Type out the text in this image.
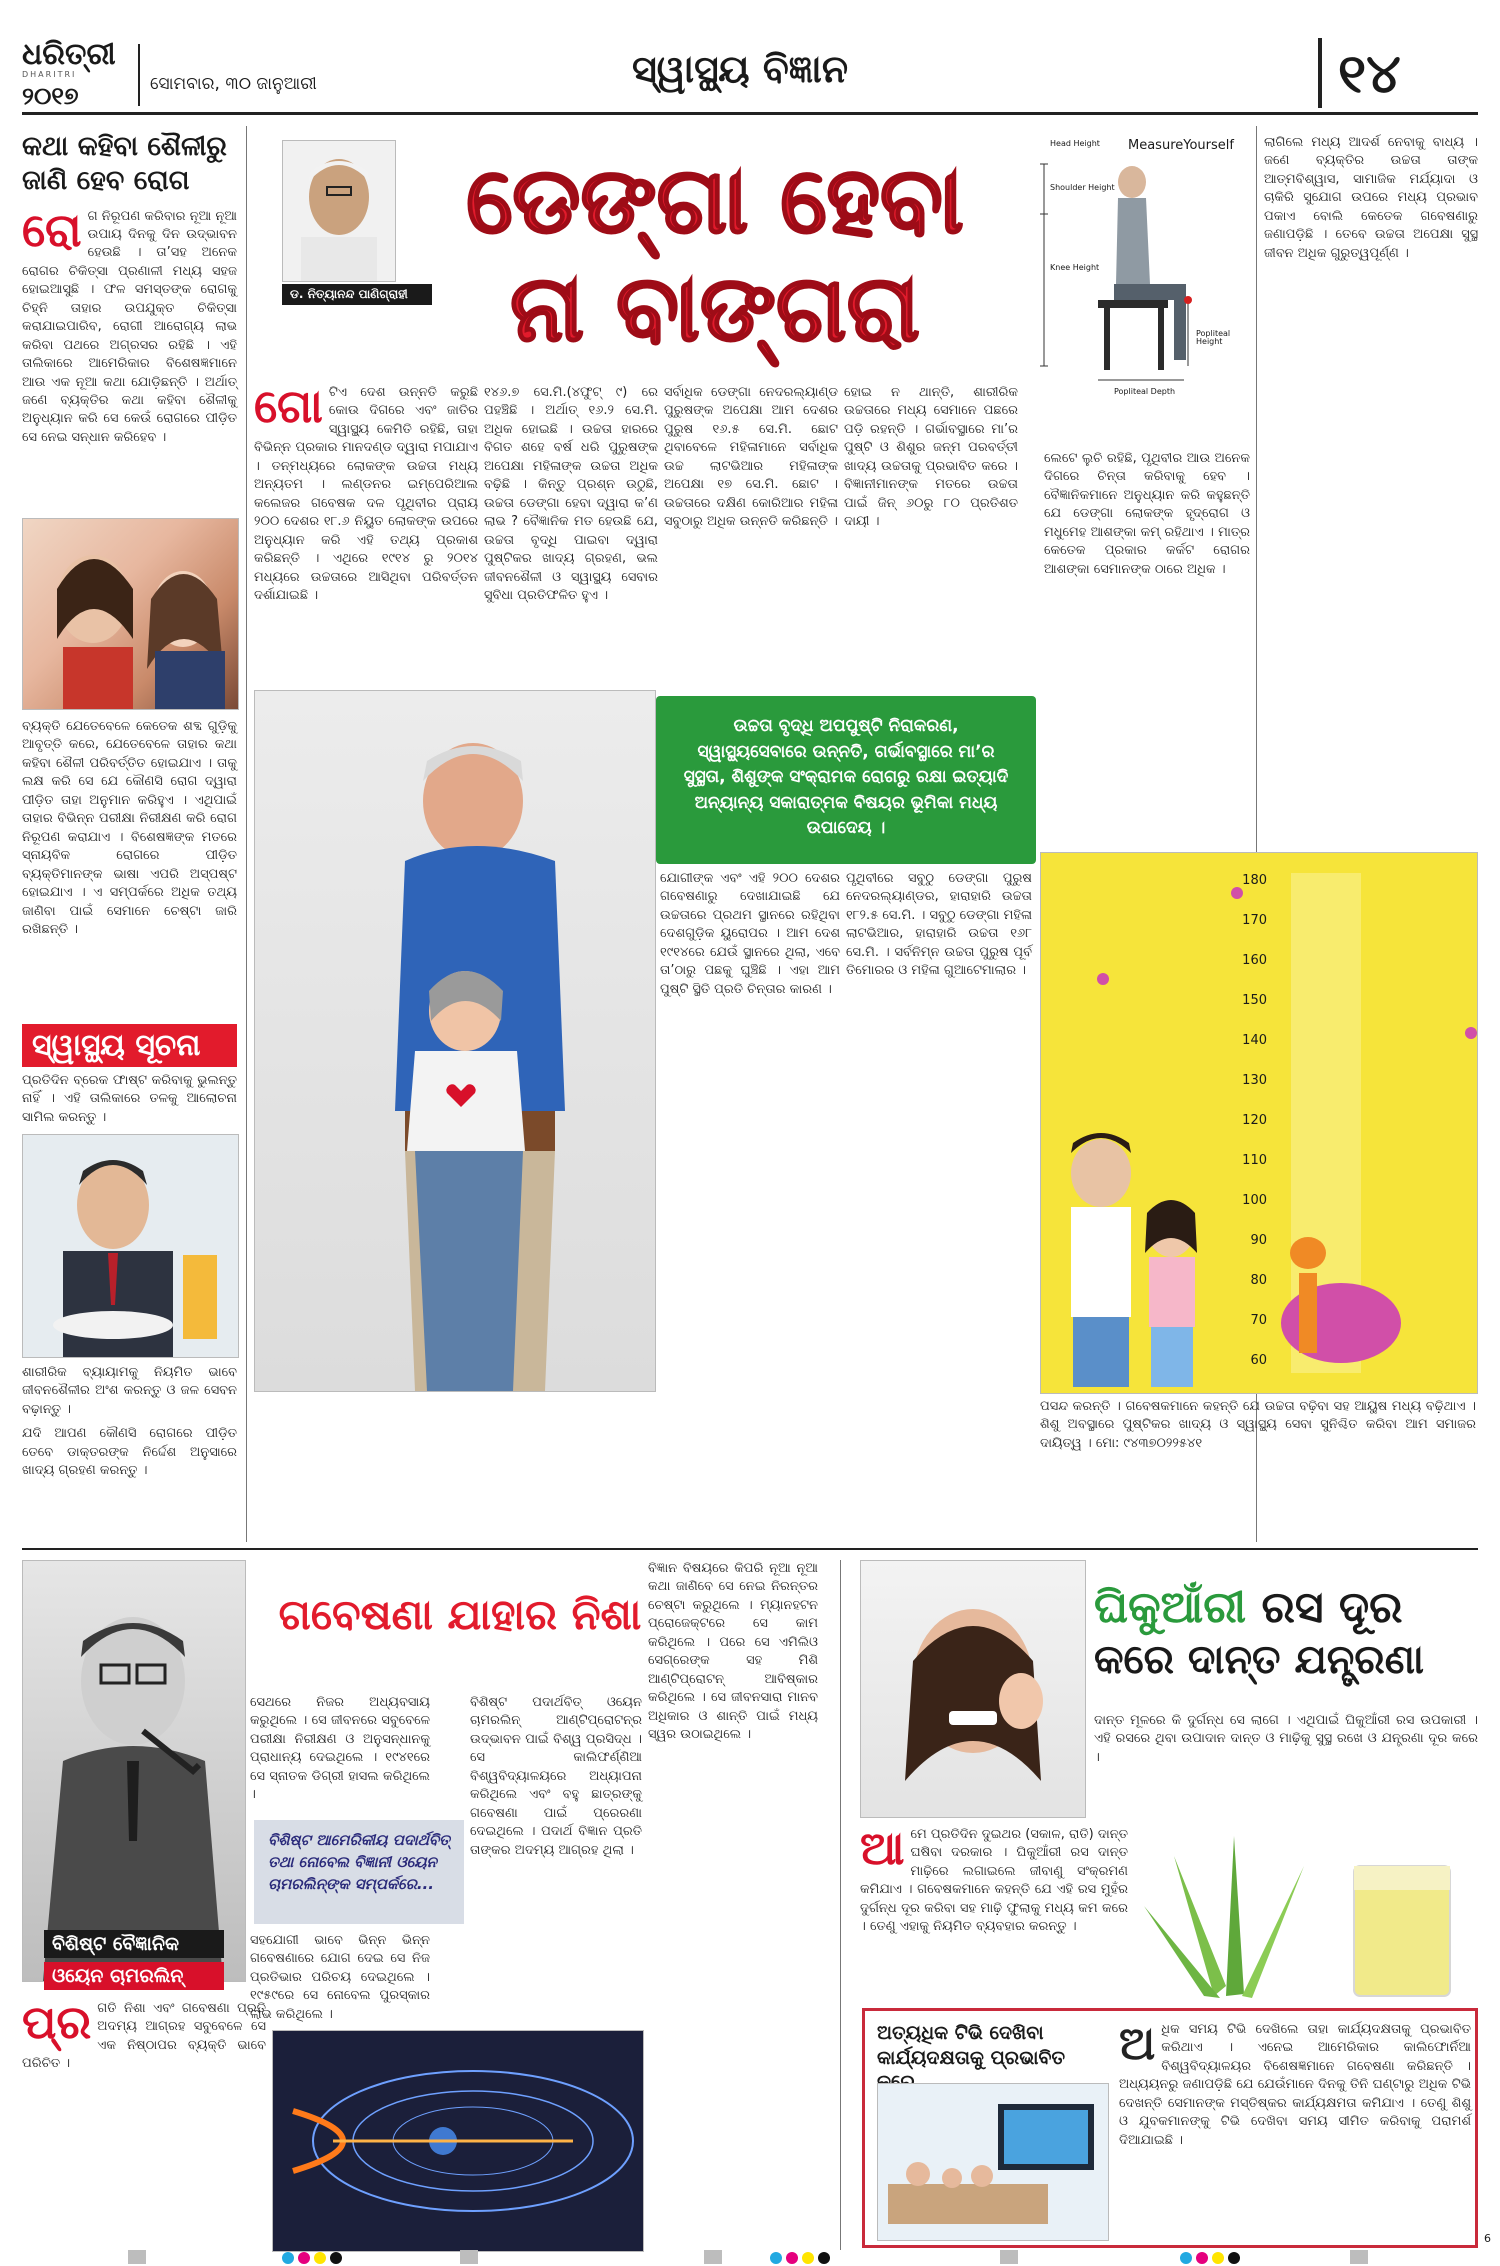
ଧରିତ୍ରୀ
DHARITRI
୨୦୧୭	ସୋମବାର, ୩୦ ଜାନୁଆରୀ	ସ୍ୱାସ୍ଥ୍ୟ ବିଜ୍ଞାନ	୧୪
କଥା କହିବା ଶୈଳୀରୁ ଜାଣି ହେବ ରୋଗ
ରୋ ଗ ନିରୂପଣ କରିବାର ନୂଆ ନୂଆ ଉପାୟ ଦିନକୁ ଦିନ ଉଦ୍ଭାବନ ହେଉଛି । ତା’ସହ ଅନେକ ରୋଗର ଚିକିତ୍ସା ପ୍ରଣାଳୀ ମଧ୍ୟ ସହଜ ହୋଇଆସୁଛି । ଫଳ ସମସ୍ତଙ୍କ ରୋଗକୁ ଚିହ୍ନି ତାହାର ଉପଯୁକ୍ତ ଚିକିତ୍ସା କରାଯାଇପାରିବ, ରୋଗୀ ଆରୋଗ୍ୟ ଲାଭ କରିବା ପଥରେ ଅଗ୍ରସର ରହିଛି । ଏହି ତାଲିକାରେ ଆମେରିକାର ବିଶେଷଜ୍ଞମାନେ ଆଉ ଏକ ନୂଆ କଥା ଯୋଡ଼ିଛନ୍ତି । ଅର୍ଥାତ୍ ଜଣେ ବ୍ୟକ୍ତିର କଥା କହିବା ଶୈଳୀକୁ ଅନୁଧ୍ୟାନ କରି ସେ କେଉଁ ରୋଗରେ ପୀଡ଼ିତ ସେ ନେଇ ସନ୍ଧାନ କରିହେବ ।
ବ୍ୟକ୍ତି ଯେତେବେଳେ କେତେକ ଶବ୍ଦ ଗୁଡ଼ିକୁ ଆବୃତ୍ତି କରେ, ଯେତେବେଳେ ତାହାର କଥା କହିବା ଶୈଳୀ ପରିବର୍ତ୍ତିତ ହୋଇଯାଏ । ତାକୁ ଲକ୍ଷ କରି ସେ ଯେ କୌଣସି ରୋଗ ଦ୍ୱାରା ପୀଡ଼ିତ ତାହା ଅନୁମାନ କରିହୁଏ । ଏଥିପାଇଁ ତାହାର ବିଭିନ୍ନ ପରୀକ୍ଷା ନିରୀକ୍ଷଣ କରି ରୋଗ ନିରୂପଣ କରାଯାଏ । ବିଶେଷଜ୍ଞଙ୍କ ମତରେ ସ୍ନାୟବିକ ରୋଗରେ ପୀଡ଼ିତ ବ୍ୟକ୍ତିମାନଙ୍କ ଭାଷା ଏପରି ଅସ୍ପଷ୍ଟ ହୋଇଯାଏ । ଏ ସମ୍ପର୍କରେ ଅଧିକ ତଥ୍ୟ ଜାଣିବା ପାଇଁ ସେମାନେ ଚେଷ୍ଟା ଜାରି ରଖିଛନ୍ତି ।
ସ୍ୱାସ୍ଥ୍ୟ ସୂଚନା
ପ୍ରତିଦିନ ବ୍ରେକ ଫାଷ୍ଟ କରିବାକୁ ଭୁଲନ୍ତୁ ନାହିଁ । ଏହି ତାଲିକାରେ ତଳକୁ ଆଲୋଚନା ସାମିଲ କରନ୍ତୁ ।
ଶାରୀରିକ ବ୍ୟାୟାମକୁ ନିୟମିତ ଭାବେ ଜୀବନଶୈଳୀର ଅଂଶ କରନ୍ତୁ ଓ ଜଳ ସେବନ ବଢ଼ାନ୍ତୁ ।
ଯଦି ଆପଣ କୌଣସି ରୋଗରେ ପୀଡ଼ିତ ତେବେ ଡାକ୍ତରଙ୍କ ନିର୍ଦ୍ଦେଶ ଅନୁସାରେ ଖାଦ୍ୟ ଗ୍ରହଣ କରନ୍ତୁ ।
ଡ. ନିତ୍ୟାନନ୍ଦ ପାଣିଗ୍ରାହୀ
ଡେଙ୍ଗା ହେବା
ନା ବାଙ୍ଗରା
MeasureYourself
Head Height
Shoulder Height
Knee Height
Popliteal Height
Popliteal Depth
ଲାଗିଲେ ମଧ୍ୟ ଆଦର୍ଶ ନେବାକୁ ବାଧ୍ୟ । ଜଣେ ବ୍ୟକ୍ତିର ଉଚ୍ଚତା ତାଙ୍କ ଆତ୍ମବିଶ୍ୱାସ, ସାମାଜିକ ମର୍ଯ୍ୟାଦା ଓ ଚାକିରି ସୁଯୋଗ ଉପରେ ମଧ୍ୟ ପ୍ରଭାବ ପକାଏ ବୋଲି କେତେକ ଗବେଷଣାରୁ ଜଣାପଡ଼ିଛି । ତେବେ ଉଚ୍ଚତା ଅପେକ୍ଷା ସୁସ୍ଥ ଜୀବନ ଅଧିକ ଗୁରୁତ୍ୱପୂର୍ଣ୍ଣ ।
ଗୋ ଟିଏ ଦେଶ ଉନ୍ନତି କରୁଛି କୋଉ ଦିଗରେ ଏବଂ ଜାତିର ସ୍ୱାସ୍ଥ୍ୟ କେମିତି ରହିଛି, ତାହା ବିଭିନ୍ନ ପ୍ରକାର ମାନଦଣ୍ଡ ଦ୍ୱାରା ମପାଯାଏ । ତନ୍ମଧ୍ୟରେ ଲୋକଙ୍କ ଉଚ୍ଚତା ମଧ୍ୟ ଅନ୍ୟତମ । ଲଣ୍ଡନର ଇମ୍ପେରିଆଲ କଲେଜର ଗବେଷକ ଦଳ ପୃଥିବୀର ପ୍ରାୟ ୨୦୦ ଦେଶର ୧୮.୬ ନିୟୁତ ଲୋକଙ୍କ ଉପରେ ଅନୁଧ୍ୟାନ କରି ଏହି ତଥ୍ୟ ପ୍ରକାଶ କରିଛନ୍ତି । ଏଥିରେ ୧୯୧୪ ରୁ ୨୦୧୪ ମଧ୍ୟରେ ଉଚ୍ଚତାରେ ଆସିଥିବା ପରିବର୍ତ୍ତନ ଦର୍ଶାଯାଇଛି ।
୧୪୬.୭ ସେ.ମି.(୪ଫୁଟ୍‌ ୯) ରେ ପହଞ୍ଚିଛି । ଅର୍ଥାତ୍ ୧୬.୨ ସେ.ମି. ଅଧିକ ହୋଇଛି । ଉଚ୍ଚତା ହାରରେ ବିଗତ ଶହେ ବର୍ଷ ଧରି ପୁରୁଷଙ୍କ ଅପେକ୍ଷା ମହିଳାଙ୍କ ଉଚ୍ଚତା ଅଧିକ ବଢ଼ିଛି । କିନ୍ତୁ ପ୍ରଶ୍ନ ଉଠୁଛି, ଉଚ୍ଚତା ଡେଙ୍ଗା ହେବା ଦ୍ୱାରା କ’ଣ ଲାଭ ? ବୈଜ୍ଞାନିକ ମତ ହେଉଛି ଯେ, ଉଚ୍ଚତା ବୃଦ୍ଧି ପାଇବା ଦ୍ୱାରା ପୁଷ୍ଟିକର ଖାଦ୍ୟ ଗ୍ରହଣ, ଭଲ ଜୀବନଶୈଳୀ ଓ ସ୍ୱାସ୍ଥ୍ୟ ସେବାର ସୁବିଧା ପ୍ରତିଫଳିତ ହୁଏ ।
ସର୍ବାଧିକ ଡେଙ୍ଗା ନେଦରଲ୍ୟାଣ୍ଡ ପୁରୁଷଙ୍କ ଅପେକ୍ଷା ଆମ ଦେଶର ପୁରୁଷ ୧୬.୫ ସେ.ମି. ଛୋଟ ଥିବାବେଳେ ମହିଳାମାନେ ସର୍ବାଧିକ ଉଚ୍ଚ ଲାଟଭିଆର ମହିଳାଙ୍କ ଅପେକ୍ଷା ୧୭ ସେ.ମି. ଛୋଟ । ଉଚ୍ଚତାରେ ଦକ୍ଷିଣ କୋରିଆର ମହିଳା ସବୁଠାରୁ ଅଧିକ ଉନ୍ନତି କରିଛନ୍ତି ।
ହୋଇ ନ ଥାନ୍ତି, ଶାରୀରିକ ଉଚ୍ଚତାରେ ମଧ୍ୟ ସେମାନେ ପଛରେ ପଡ଼ି ରହନ୍ତି । ଗର୍ଭାବସ୍ଥାରେ ମା’ର ପୁଷ୍ଟି ଓ ଶିଶୁର ଜନ୍ମ ପରବର୍ତ୍ତୀ ଖାଦ୍ୟ ଉଚ୍ଚତାକୁ ପ୍ରଭାବିତ କରେ । ବିଜ୍ଞାନୀମାନଙ୍କ ମତରେ ଉଚ୍ଚତା ପାଇଁ ଜିନ୍ ୬୦ରୁ ୮୦ ପ୍ରତିଶତ ଦାୟୀ ।
ଲେଟେ ଲୁଚି ରହିଛି, ପୃଥିବୀର ଆଉ ଅନେକ ଦିଗରେ ଚିନ୍ତା କରିବାକୁ ହେବ । ବୈଜ୍ଞାନିକମାନେ ଅନୁଧ୍ୟାନ କରି କହୁଛନ୍ତି ଯେ ଡେଙ୍ଗା ଲୋକଙ୍କ ହୃଦ୍‌ରୋଗ ଓ ମଧୁମେହ ଆଶଙ୍କା କମ୍ ରହିଥାଏ । ମାତ୍ର କେତେକ ପ୍ରକାର କର୍କଟ ରୋଗର ଆଶଙ୍କା ସେମାନଙ୍କ ଠାରେ ଅଧିକ ।
ଉଚ୍ଚତା ବୃଦ୍ଧି ଅପପୁଷ୍ଟି ନିରାକରଣ, ସ୍ୱାସ୍ଥ୍ୟସେବାରେ ଉନ୍ନତି, ଗର୍ଭାବସ୍ଥାରେ ମା’ର ସୁସ୍ଥତା, ଶିଶୁଙ୍କ ସଂକ୍ରାମକ ରୋଗରୁ ରକ୍ଷା ଇତ୍ୟାଦି ଅନ୍ୟାନ୍ୟ ସକାରାତ୍ମକ ବିଷୟର ଭୂମିକା ମଧ୍ୟ ଉପାଦେୟ ।
ଯୋଗୀଙ୍କ ଏବଂ ଏହି ୨୦୦ ଦେଶର ଗବେଷଣାରୁ ଦେଖାଯାଇଛି ଯେ ଉଚ୍ଚତାରେ ପ୍ରଥମ ସ୍ଥାନରେ ରହିଥିବା ଦେଶଗୁଡ଼ିକ ୟୁରୋପର । ଆମ ଦେଶ ୧୯୧୪ରେ ଯେଉଁ ସ୍ଥାନରେ ଥିଲା, ଏବେ ତା’ଠାରୁ ପଛକୁ ଘୁଞ୍ଚିଛି । ଏହା ଆମ ପୁଷ୍ଟି ସ୍ଥିତି ପ୍ରତି ଚିନ୍ତାର କାରଣ ।
ପୃଥିବୀରେ ସବୁଠୁ ଡେଙ୍ଗା ପୁରୁଷ ନେଦରଲ୍ୟାଣ୍ଡର, ହାରାହାରି ଉଚ୍ଚତା ୧୮୨.୫ ସେ.ମି. । ସବୁଠୁ ଡେଙ୍ଗା ମହିଳା ଲାଟଭିଆର, ହାରାହାରି ଉଚ୍ଚତା ୧୬୮ ସେ.ମି. । ସର୍ବନିମ୍ନ ଉଚ୍ଚତା ପୁରୁଷ ପୂର୍ବ ତିମୋରର ଓ ମହିଳା ଗୁଆଟେମାଲାର ।
180
170
160
150
140
130
120
110
100
90
80
70
60
ପସନ୍ଦ କରନ୍ତି । ଗବେଷକମାନେ କହନ୍ତି ଯେ ଉଚ୍ଚତା ବଢ଼ିବା ସହ ଆୟୁଷ ମଧ୍ୟ ବଢ଼ିଥାଏ । ଶିଶୁ ଅବସ୍ଥାରେ ପୁଷ୍ଟିକର ଖାଦ୍ୟ ଓ ସ୍ୱାସ୍ଥ୍ୟ ସେବା ସୁନିଶ୍ଚିତ କରିବା ଆମ ସମାଜର ଦାୟିତ୍ୱ । ମୋ: ୯୪୩୭୦୨୨୫୪୧
ବିଶିଷ୍ଟ ବୈଜ୍ଞାନିକ
ଓୟେନ ଚାମରଲିନ୍
ଗବେଷଣା ଯାହାର ନିଶା
ସେଥରେ ନିଜର ଅଧ୍ୟବସାୟ କରୁଥିଲେ । ସେ ଜୀବନରେ ସବୁବେଳେ ପରୀକ୍ଷା ନିରୀକ୍ଷଣ ଓ ଅନୁସନ୍ଧାନକୁ ପ୍ରାଧାନ୍ୟ ଦେଇଥିଲେ । ୧୯୪୧ରେ ସେ ସ୍ନାତକ ଡିଗ୍ରୀ ହାସଲ କରିଥିଲେ ।
ବିଶିଷ୍ଟ ଆମେରିକୀୟ ପଦାର୍ଥବିତ୍ ତଥା ନୋବେଲ ବିଜ୍ଞାନୀ ଓୟେନ ଚାମରଲିନ୍ଙ୍କ ସମ୍ପର୍କରେ...
ସହଯୋଗୀ ଭାବେ ଭିନ୍ନ ଭିନ୍ନ ଗବେଷଣାରେ ଯୋଗ ଦେଇ ସେ ନିଜ ପ୍ରତିଭାର ପରିଚୟ ଦେଇଥିଲେ । ୧୯୫୯ରେ ସେ ନୋବେଲ ପୁରସ୍କାର ଲାଭ କରିଥିଲେ ।
ବିଶିଷ୍ଟ ପଦାର୍ଥବିତ୍ ଓୟେନ ଚାମରଲିନ୍ ଆଣ୍ଟିପ୍ରୋଟନ୍‌ର ଉଦ୍ଭାବନ ପାଇଁ ବିଶ୍ୱ ପ୍ରସିଦ୍ଧ । ସେ କାଲିଫର୍ଣ୍ଣିଆ ବିଶ୍ୱବିଦ୍ୟାଳୟରେ ଅଧ୍ୟାପନା କରିଥିଲେ ଏବଂ ବହୁ ଛାତ୍ରଙ୍କୁ ଗବେଷଣା ପାଇଁ ପ୍ରେରଣା ଦେଇଥିଲେ । ପଦାର୍ଥ ବିଜ୍ଞାନ ପ୍ରତି ତାଙ୍କର ଅଦମ୍ୟ ଆଗ୍ରହ ଥିଲା ।
ବିଜ୍ଞାନ ବିଷୟରେ କିପରି ନୂଆ ନୂଆ କଥା ଜାଣିବେ ସେ ନେଇ ନିରନ୍ତର ଚେଷ୍ଟା କରୁଥିଲେ । ମ୍ୟାନହଟନ ପ୍ରୋଜେକ୍ଟରେ ସେ କାମ କରିଥିଲେ । ପରେ ସେ ଏମିଲିଓ ସେଗ୍ରେଙ୍କ ସହ ମିଶି ଆଣ୍ଟିପ୍ରୋଟନ୍ ଆବିଷ୍କାର କରିଥିଲେ । ସେ ଜୀବନସାରା ମାନବ ଅଧିକାର ଓ ଶାନ୍ତି ପାଇଁ ମଧ୍ୟ ସ୍ୱର ଉଠାଇଥିଲେ ।
ପ୍ର ଗତି ନିଶା ଏବଂ ଗବେଷଣା ପ୍ରତି ଅଦମ୍ୟ ଆଗ୍ରହ ସବୁବେଳେ ସେ ଏକ ନିଷ୍ଠାପର ବ୍ୟକ୍ତି ଭାବେ ପରିଚିତ ।
ଘିକୁଆଁରୀ ରସ ଦୂର
କରେ ଦାନ୍ତ ଯନ୍ତ୍ରଣା
ଦାନ୍ତ ମୂଳରେ କି ଦୁର୍ଗନ୍ଧ ସେ ଲାଗେ । ଏଥିପାଇଁ ଘିକୁଆଁରୀ ରସ ଉପକାରୀ । ଏହି ରସରେ ଥିବା ଉପାଦାନ ଦାନ୍ତ ଓ ମାଢ଼ିକୁ ସୁସ୍ଥ ରଖେ ଓ ଯନ୍ତ୍ରଣା ଦୂର କରେ ।
ଆ ମେ ପ୍ରତିଦିନ ଦୁଇଥର (ସକାଳ, ରାତି) ଦାନ୍ତ ଘଷିବା ଦରକାର । ଘିକୁଆଁରୀ ରସ ଦାନ୍ତ ମାଢ଼ିରେ ଲଗାଇଲେ ଜୀବାଣୁ ସଂକ୍ରମଣ କମିଯାଏ । ଗବେଷକମାନେ କହନ୍ତି ଯେ ଏହି ରସ ମୁହଁର ଦୁର୍ଗନ୍ଧ ଦୂର କରିବା ସହ ମାଢ଼ି ଫୁଲାକୁ ମଧ୍ୟ କମ କରେ । ତେଣୁ ଏହାକୁ ନିୟମିତ ବ୍ୟବହାର କରନ୍ତୁ ।
ଅତ୍ୟଧିକ ଟିଭି ଦେଖିବା
କାର୍ଯ୍ୟଦକ୍ଷତାକୁ ପ୍ରଭାବିତ	ଅ ଧିକ ସମୟ ଟିଭି ଦେଖିଲେ ତାହା କାର୍ଯ୍ୟଦକ୍ଷତାକୁ ପ୍ରଭାବିତ କରିଥାଏ । ଏନେଇ ଆମେରିକାର କାଲିଫୋର୍ନିଆ ବିଶ୍ୱବିଦ୍ୟାଳୟର ବିଶେଷଜ୍ଞମାନେ ଗବେଷଣା କରିଛନ୍ତି । ଅଧ୍ୟୟନରୁ ଜଣାପଡ଼ିଛି ଯେ ଯେଉଁମାନେ ଦିନକୁ ତିନି ଘଣ୍ଟାରୁ ଅଧିକ ଟିଭି ଦେଖନ୍ତି ସେମାନଙ୍କ ମସ୍ତିଷ୍କର କାର୍ଯ୍ୟକ୍ଷମତା କମିଯାଏ । ତେଣୁ ଶିଶୁ ଓ ଯୁବକମାନଙ୍କୁ ଟିଭି ଦେଖିବା ସମୟ ସୀମିତ କରିବାକୁ ପରାମର୍ଶ ଦିଆଯାଇଛି ।
6
